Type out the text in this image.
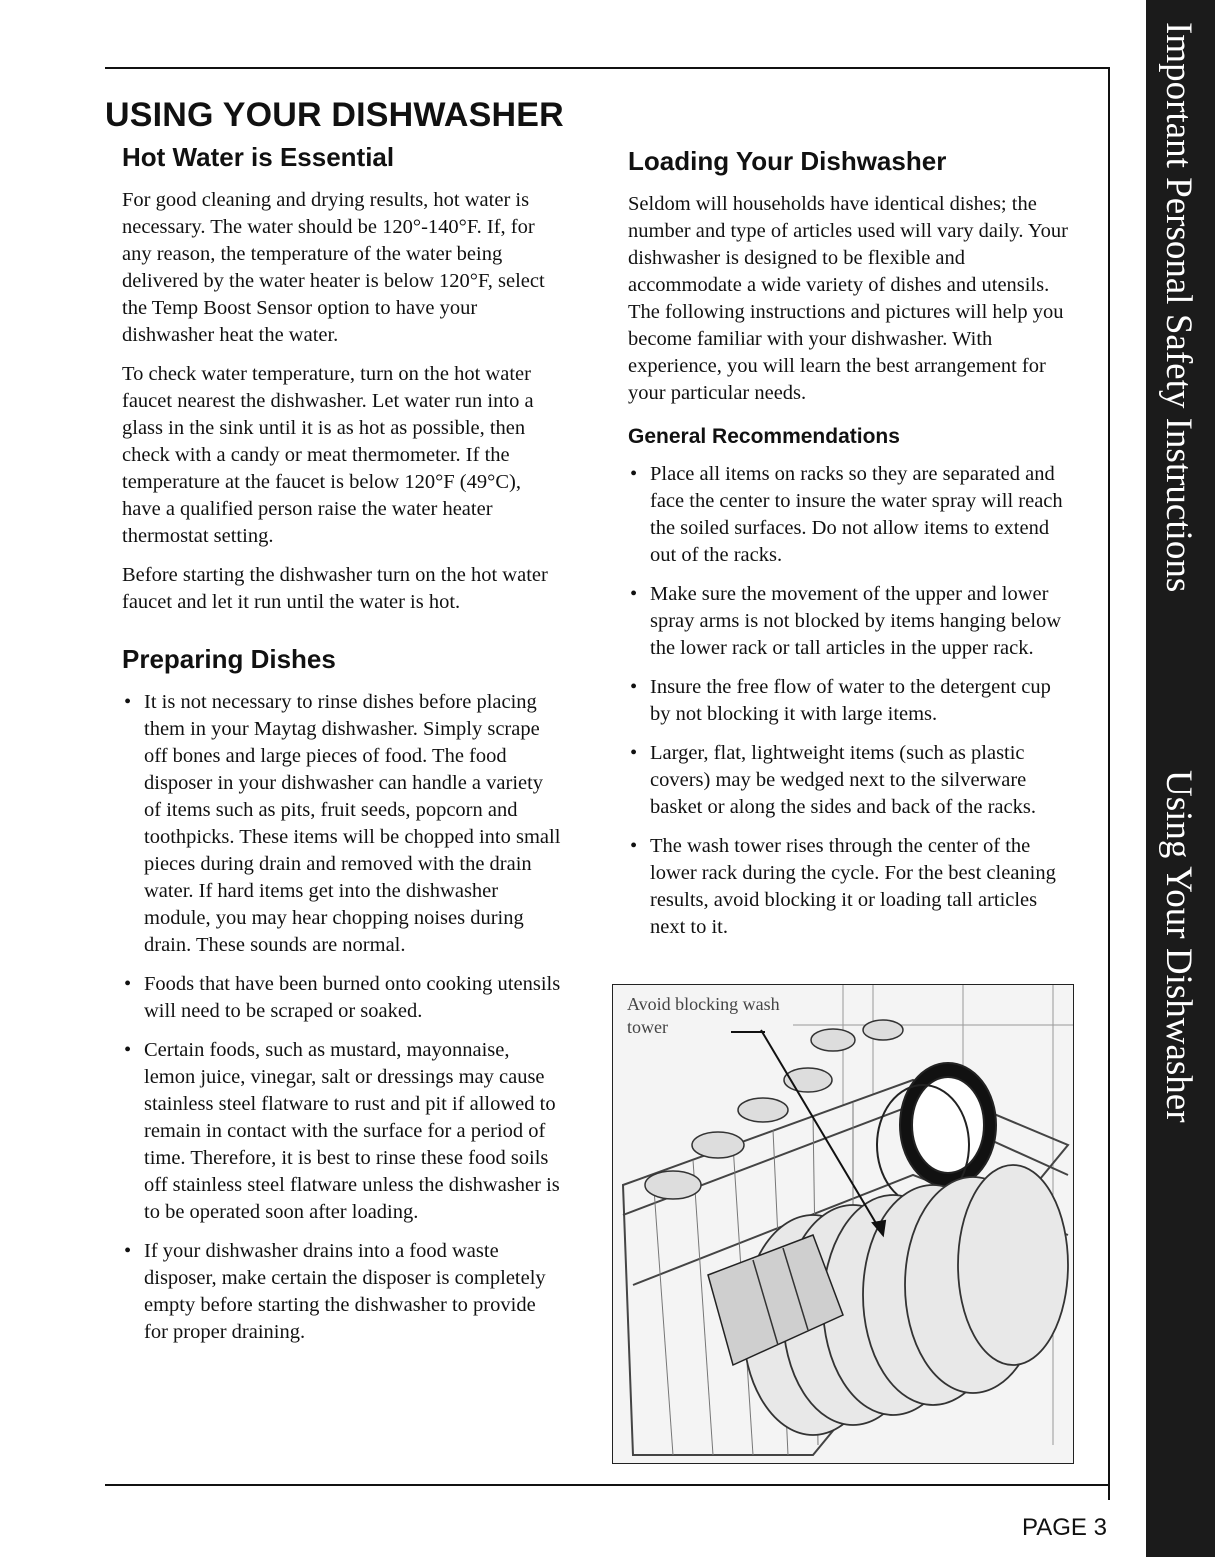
USING YOUR DISHWASHER
Hot Water is Essential

For good cleaning and drying results, hot water is necessary. The water should be 120°-140°F. If, for any reason, the temperature of the water being delivered by the water heater is below 120°F, select the Temp Boost Sensor option to have your dishwasher heat the water.

To check water temperature, turn on the hot water faucet nearest the dishwasher. Let water run into a glass in the sink until it is as hot as possible, then check with a candy or meat thermometer. If the temperature at the faucet is below 120°F (49°C), have a qualified person raise the water heater thermostat setting.

Before starting the dishwasher turn on the hot water faucet and let it run until the water is hot.

Preparing Dishes
• It is not necessary to rinse dishes before placing them in your Maytag dishwasher. Simply scrape off bones and large pieces of food. The food disposer in your dishwasher can handle a variety of items such as pits, fruit seeds, popcorn and toothpicks. These items will be chopped into small pieces during drain and removed with the drain water. If hard items get into the dishwasher module, you may hear chopping noises during drain. These sounds are normal.
• Foods that have been burned onto cooking utensils will need to be scraped or soaked.
• Certain foods, such as mustard, mayonnaise, lemon juice, vinegar, salt or dressings may cause stainless steel flatware to rust and pit if allowed to remain in contact with the surface for a period of time. Therefore, it is best to rinse these food soils off stainless steel flatware unless the dishwasher is to be operated soon after loading.
• If your dishwasher drains into a food waste disposer, make certain the disposer is completely empty before starting the dishwasher to provide for proper draining.
Loading Your Dishwasher

Seldom will households have identical dishes; the number and type of articles used will vary daily. Your dishwasher is designed to be flexible and accommodate a wide variety of dishes and utensils. The following instructions and pictures will help you become familiar with your dishwasher. With experience, you will learn the best arrangement for your particular needs.

General Recommendations
• Place all items on racks so they are separated and face the center to insure the water spray will reach the soiled surfaces. Do not allow items to extend out of the racks.
• Make sure the movement of the upper and lower spray arms is not blocked by items hanging below the lower rack or tall articles in the upper rack.
• Insure the free flow of water to the detergent cup by not blocking it with large items.
• Larger, flat, lightweight items (such as plastic covers) may be wedged next to the silverware basket or along the sides and back of the racks.
• The wash tower rises through the center of the lower rack during the cycle. For the best cleaning results, avoid blocking it or loading tall articles next to it.
Avoid blocking wash tower
Important Personal Safety Instructions
Using Your Dishwasher

PAGE 3
